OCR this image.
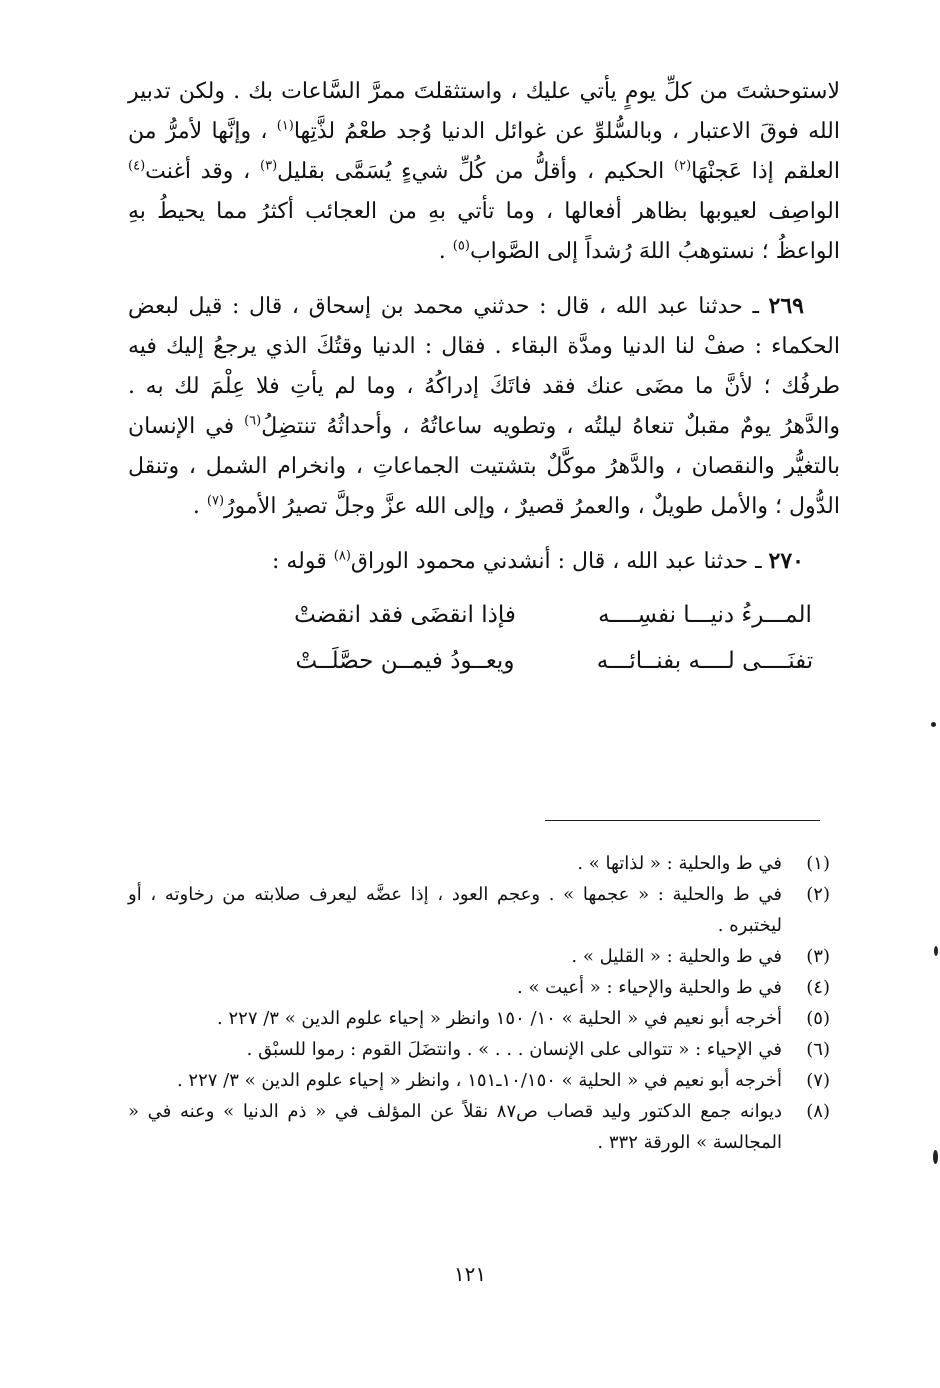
لاستوحشتَ من كلِّ يومٍ يأتي عليك ، واستثقلتَ ممرَّ السَّاعات بك . ولكن تدبير الله فوقَ الاعتبار ، وبالسُّلوِّ عن غوائل الدنيا وُجد طعْمُ لذَّتِها$^{(١)}$ ، وإنَّها لأمرُّ من العلقم إذا عَجنْهَا$^{(٢)}$ الحكيم ، وأقلُّ من كُلِّ شيءٍ يُسَمَّى بقليل$^{(٣)}$ ، وقد أغنت$^{(٤)}$ الواصِف لعيوبها بظاهر أفعالها ، وما تأتي بهِ من العجائب أكثرُ مما يحيطُ بهِ الواعظُ ؛ نستوهبُ اللهَ رُشداً إلى الصَّواب$^{(٥)}$ .

٢٦٩ ـ حدثنا عبد الله ، قال : حدثني محمد بن إسحاق ، قال : قيل لبعض الحكماء : صفْ لنا الدنيا ومدَّة البقاء . فقال : الدنيا وقتُكَ الذي يرجعُ إليك فيه طرفُك ؛ لأنَّ ما مضَى عنك فقد فاتَكَ إدراكُهُ ، وما لم يأتِ فلا عِلْمَ لك به . والدَّهرُ يومٌ مقبلٌ تنعاهُ ليلتُه ، وتطويه ساعاتُهُ ، وأحداثُهُ تنتضِلُ$^{(٦)}$ في الإنسان بالتغيُّر والنقصان ، والدَّهرُ موكَّلٌ بتشتيت الجماعاتِ ، وانخرام الشمل ، وتنقل الدُّول ؛ والأمل طويلٌ ، والعمرُ قصيرٌ ، وإلى الله عزَّ وجلَّ تصيرُ الأمورُ$^{(٧)}$ .

٢٧٠ ـ حدثنا عبد الله ، قال : أنشدني محمود الوراق$^{(٨)}$ قوله :

المـــرءُ دنيـــا نفسِــــه
فإذا انقضَى فقد انقضتْ
تفنَــــى لــــه بفنــائـــه
ويعــودُ فيمــن حصَّلَــتْ
(١)
في ط والحلية : « لذاتها » .
(٢)
في ط والحلية : « عجمها » . وعجم العود ، إذا عضَّه ليعرف صلابته من رخاوته ، أو ليختبره .
(٣)
في ط والحلية : « القليل » .
(٤)
في ط والحلية والإحياء : « أعيت » .
(٥)
أخرجه أبو نعيم في « الحلية » ١٠/ ١٥٠ وانظر « إحياء علوم الدين » ٣/ ٢٢٧ .
(٦)
في الإحياء : « تتوالى على الإنسان . . . » . وانتضَلَ القوم : رموا للسبْق .
(٧)
أخرجه أبو نعيم في « الحلية » ١٠/١٥٠ـ١٥١ ، وانظر « إحياء علوم الدين » ٣/ ٢٢٧ .
(٨)
ديوانه جمع الدكتور وليد قصاب ص٨٧ نقلاً عن المؤلف في « ذم الدنيا » وعنه في « المجالسة » الورقة ٣٣٢ .
١٢١
